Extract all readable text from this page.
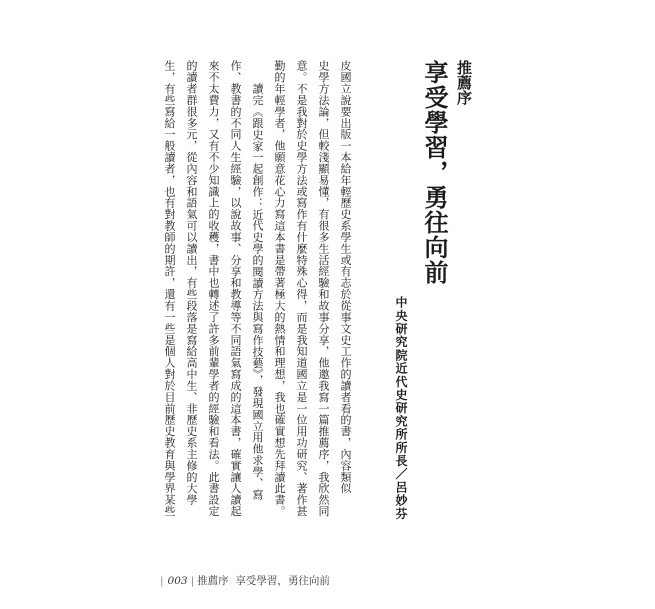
推薦序
享受學習，勇往向前
中央研究院近代史研究所所長／呂妙芬
皮國立說要出版一本給年輕歷史系學生或有志於從事文史工作的讀者看的書，內容類似
史學方法論，但較淺顯易懂，有很多生活經驗和故事分享，他邀我寫一篇推薦序，我欣然同
意。不是我對於史學方法或寫作有什麼特殊心得，而是我知道國立是一位用功研究、著作甚
勤的年輕學者，他願意花心力寫這本書是帶著極大的熱情和理想，我也確實想先拜讀此書。
讀完《跟史家一起創作：近代史學的閱讀方法與寫作技藝》，發現國立用他求學、寫
作、教書的不同人生經驗，以說故事、分享和教導等不同語氣寫成的這本書，確實讓人讀起
來不太費力，又有不少知識上的收穫，書中也轉述了許多前輩學者的經驗和看法。此書設定
的讀者群很多元，從內容和語氣可以讀出，有些段落是寫給高中生、非歷史系主修的大學
生，有些寫給一般讀者，也有對教師的期許，還有一些是個人對於目前歷史教育與學界某些
| 003 | 推薦序 享受學習，勇往向前
